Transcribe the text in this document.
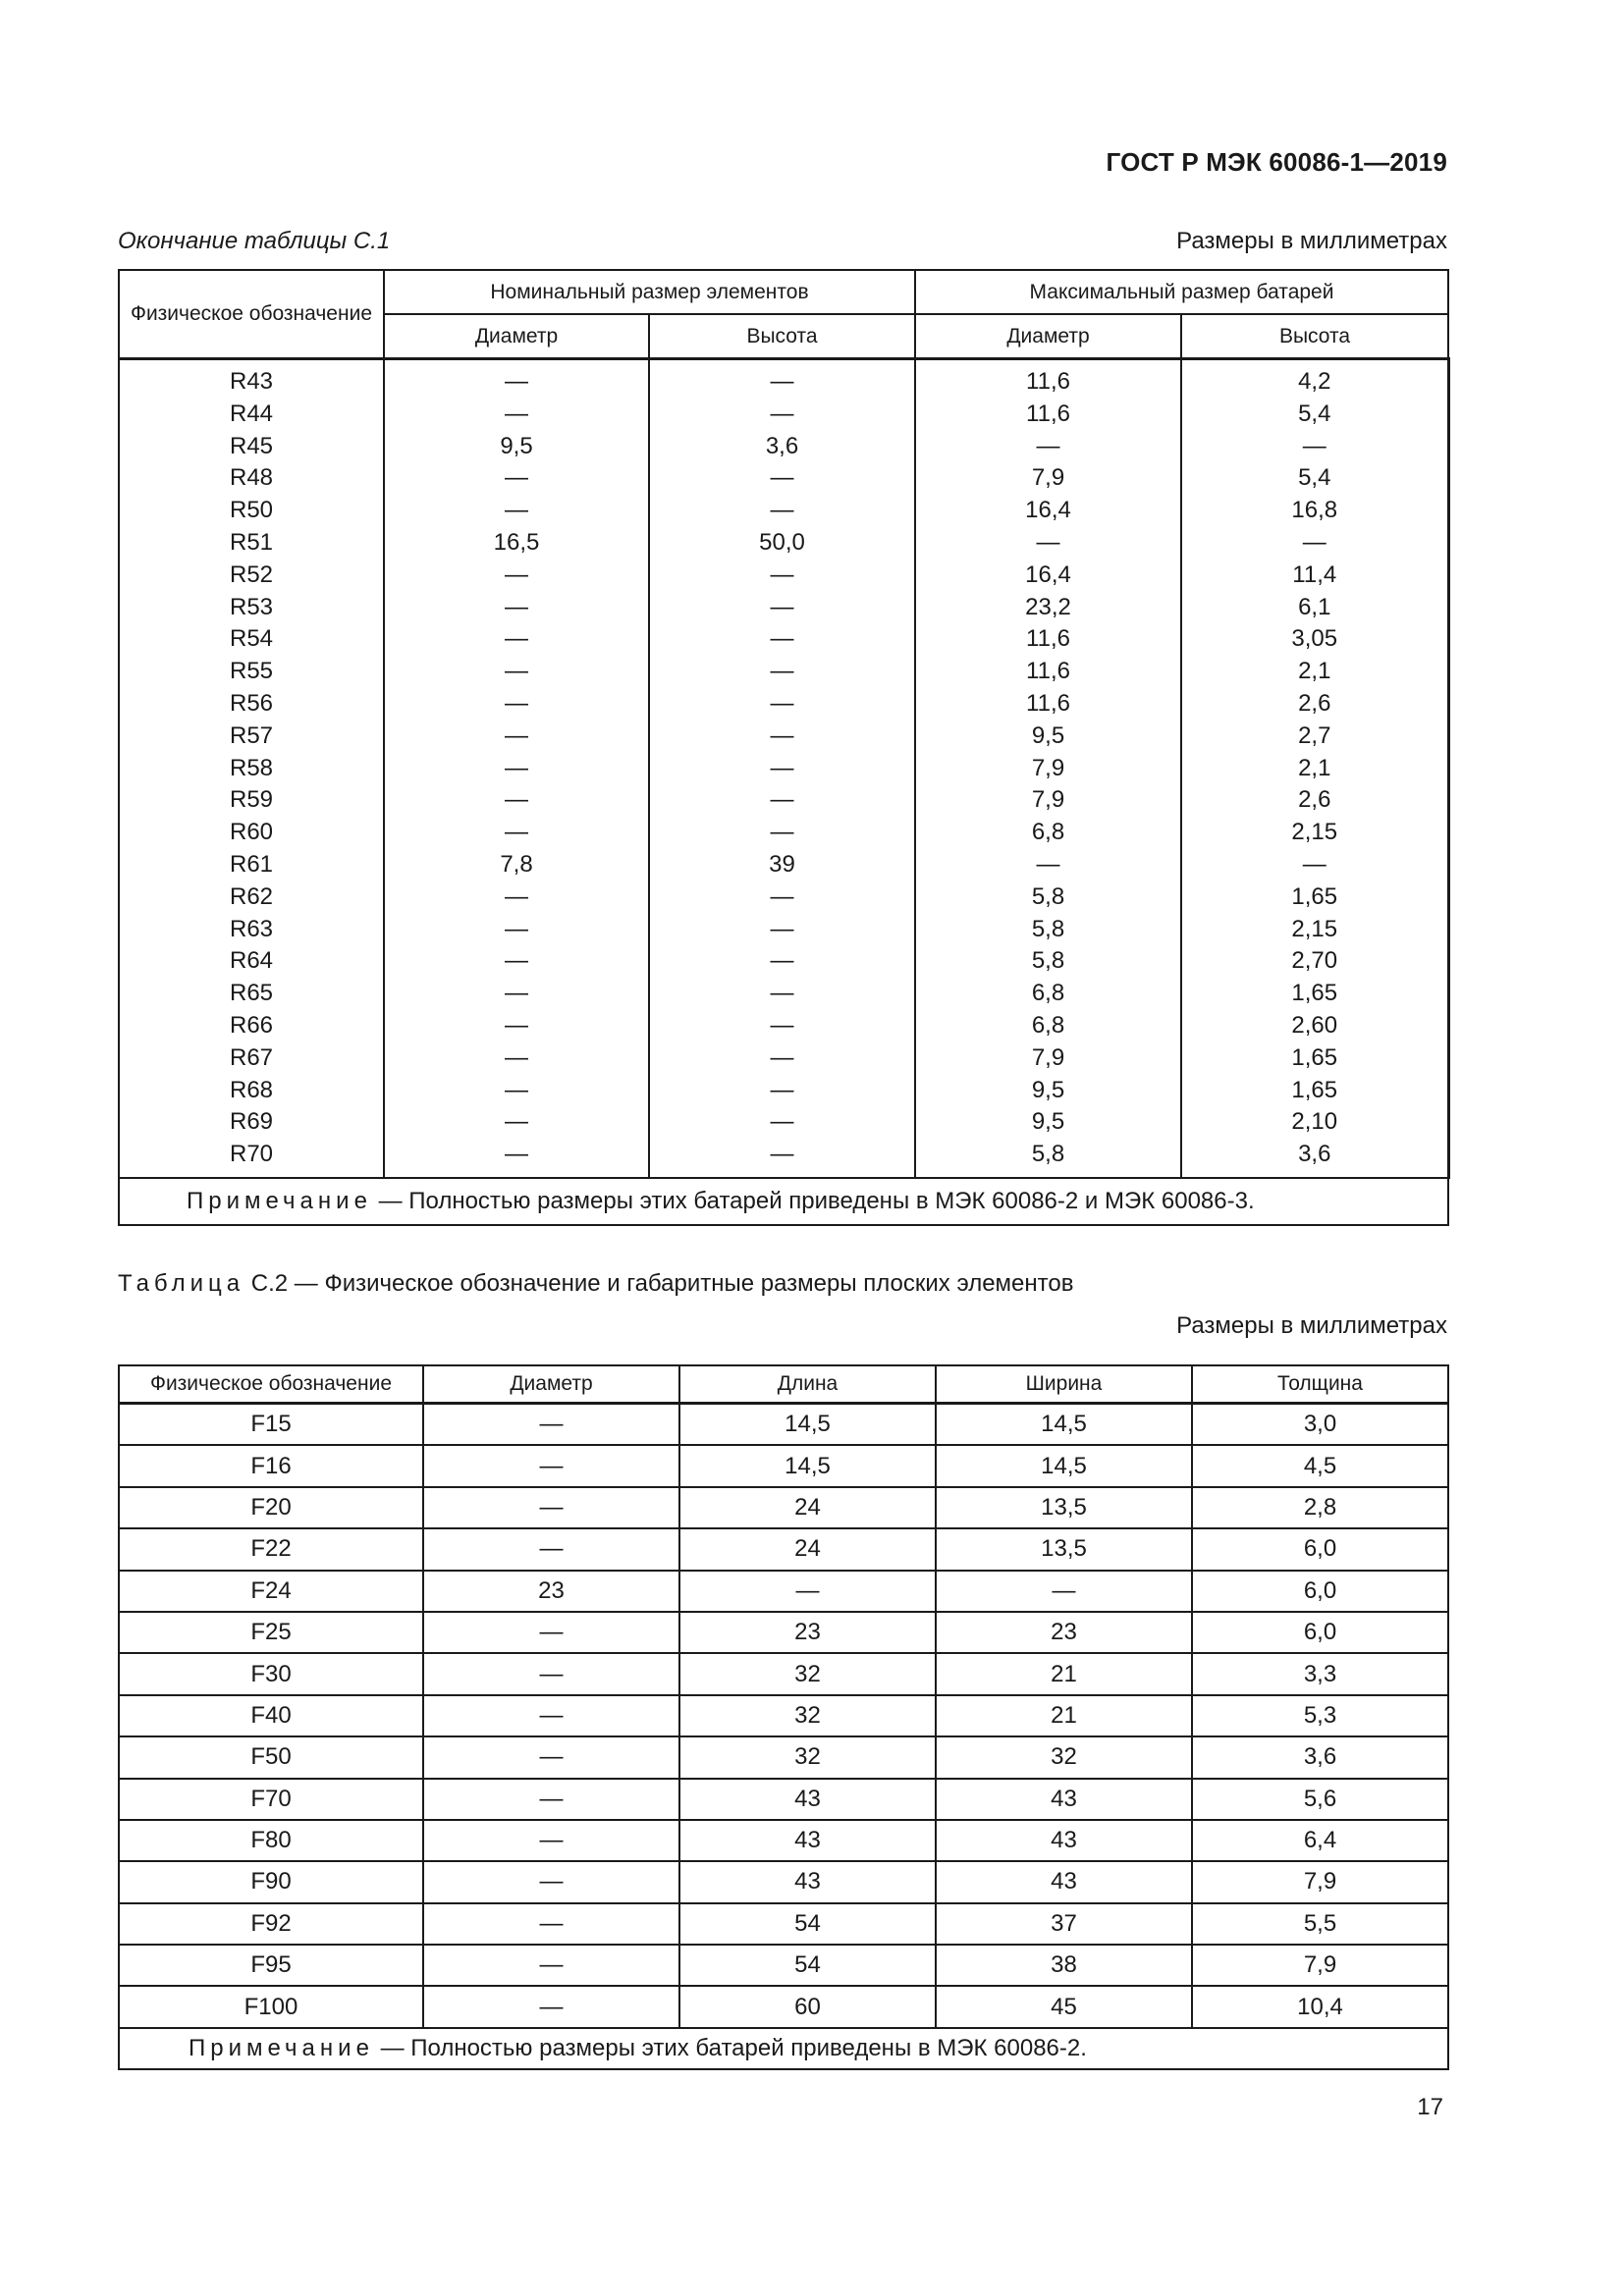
ГОСТ Р МЭК 60086-1—2019
Окончание таблицы С.1	Размеры в миллиметрах
Физическое обозначение	Номинальный размер элементов		Максимальный размер батарей	
	Диаметр	Высота	Диаметр	Высота
R43	—	—	11,6	4,2
R44	—	—	11,6	5,4
R45	9,5	3,6	—	—
R48	—	—	7,9	5,4
R50	—	—	16,4	16,8
R51	16,5	50,0	—	—
R52	—	—	16,4	11,4
R53	—	—	23,2	6,1
R54	—	—	11,6	3,05
R55	—	—	11,6	2,1
R56	—	—	11,6	2,6
R57	—	—	9,5	2,7
R58	—	—	7,9	2,1
R59	—	—	7,9	2,6
R60	—	—	6,8	2,15
R61	7,8	39	—	—
R62	—	—	5,8	1,65
R63	—	—	5,8	2,15
R64	—	—	5,8	2,70
R65	—	—	6,8	1,65
R66	—	—	6,8	2,60
R67	—	—	7,9	1,65
R68	—	—	9,5	1,65
R69	—	—	9,5	2,10
R70	—	—	5,8	3,6
Примечание — Полностью размеры этих батарей приведены в МЭК 60086-2 и МЭК 60086-3.				
Таблица С.2 — Физическое обозначение и габаритные размеры плоских элементов
Размеры в миллиметрах
Физическое обозначение	Диаметр	Длина	Ширина	Толщина
F15	—	14,5	14,5	3,0
F16	—	14,5	14,5	4,5
F20	—	24	13,5	2,8
F22	—	24	13,5	6,0
F24	23	—	—	6,0
F25	—	23	23	6,0
F30	—	32	21	3,3
F40	—	32	21	5,3
F50	—	32	32	3,6
F70	—	43	43	5,6
F80	—	43	43	6,4
F90	—	43	43	7,9
F92	—	54	37	5,5
F95	—	54	38	7,9
F100	—	60	45	10,4
Примечание — Полностью размеры этих батарей приведены в МЭК 60086-2.				
17
